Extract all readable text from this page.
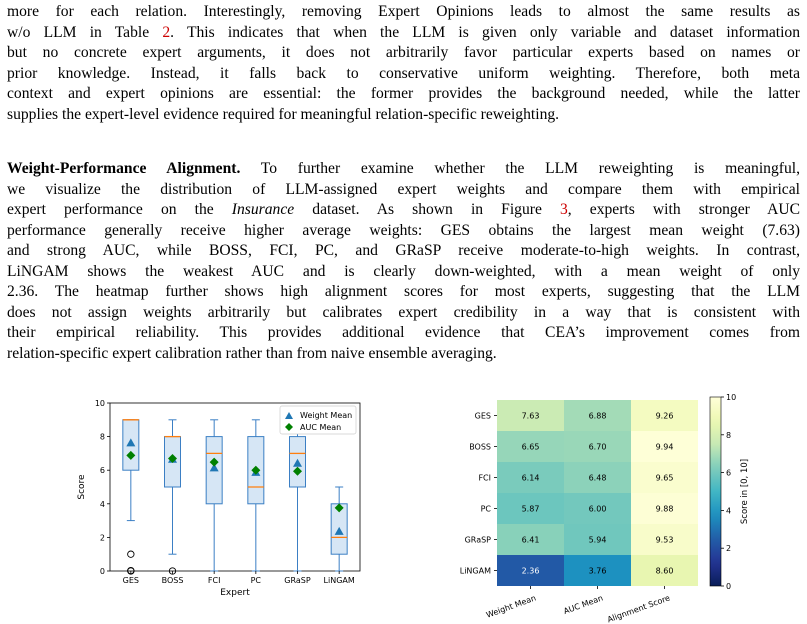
more for each relation. Interestingly, removing Expert Opinions leads to almost the same results as
w/o LLM in Table 2. This indicates that when the LLM is given only variable and dataset information
but no concrete expert arguments, it does not arbitrarily favor particular experts based on names or
prior knowledge. Instead, it falls back to conservative uniform weighting. Therefore, both meta
context and expert opinions are essential: the former provides the background needed, while the latter
supplies the expert-level evidence required for meaningful relation-specific reweighting.
Weight-Performance Alignment. To further examine whether the LLM reweighting is meaningful,
we visualize the distribution of LLM-assigned expert weights and compare them with empirical
expert performance on the Insurance dataset. As shown in Figure 3, experts with stronger AUC
performance generally receive higher average weights: GES obtains the largest mean weight (7.63)
and strong AUC, while BOSS, FCI, PC, and GRaSP receive moderate-to-high weights. In contrast,
LiNGAM shows the weakest AUC and is clearly down-weighted, with a mean weight of only
2.36. The heatmap further shows high alignment scores for most experts, suggesting that the LLM
does not assign weights arbitrarily but calibrates expert credibility in a way that is consistent with
their empirical reliability. This provides additional evidence that CEA’s improvement comes from
relation-specific expert calibration rather than from naive ensemble averaging.
0
2
4
6
8
10
Score
GES	BOSS	FCI	PC	GRaSP LiNGAM
Expert
Weight Mean
AUC Mean
7.63	6.88	9.26
GES
6.65	6.70	9.94
BOSS
6.14	6.48	9.65
FCI
5.87	6.00	9.88
PC
6.41	5.94	9.53
GRaSP
2.36	3.76	8.60
LiNGAM
Weight Mean	AUC Mean Alignment Score
0
2
4
6
8
10
Score in [0, 10]
